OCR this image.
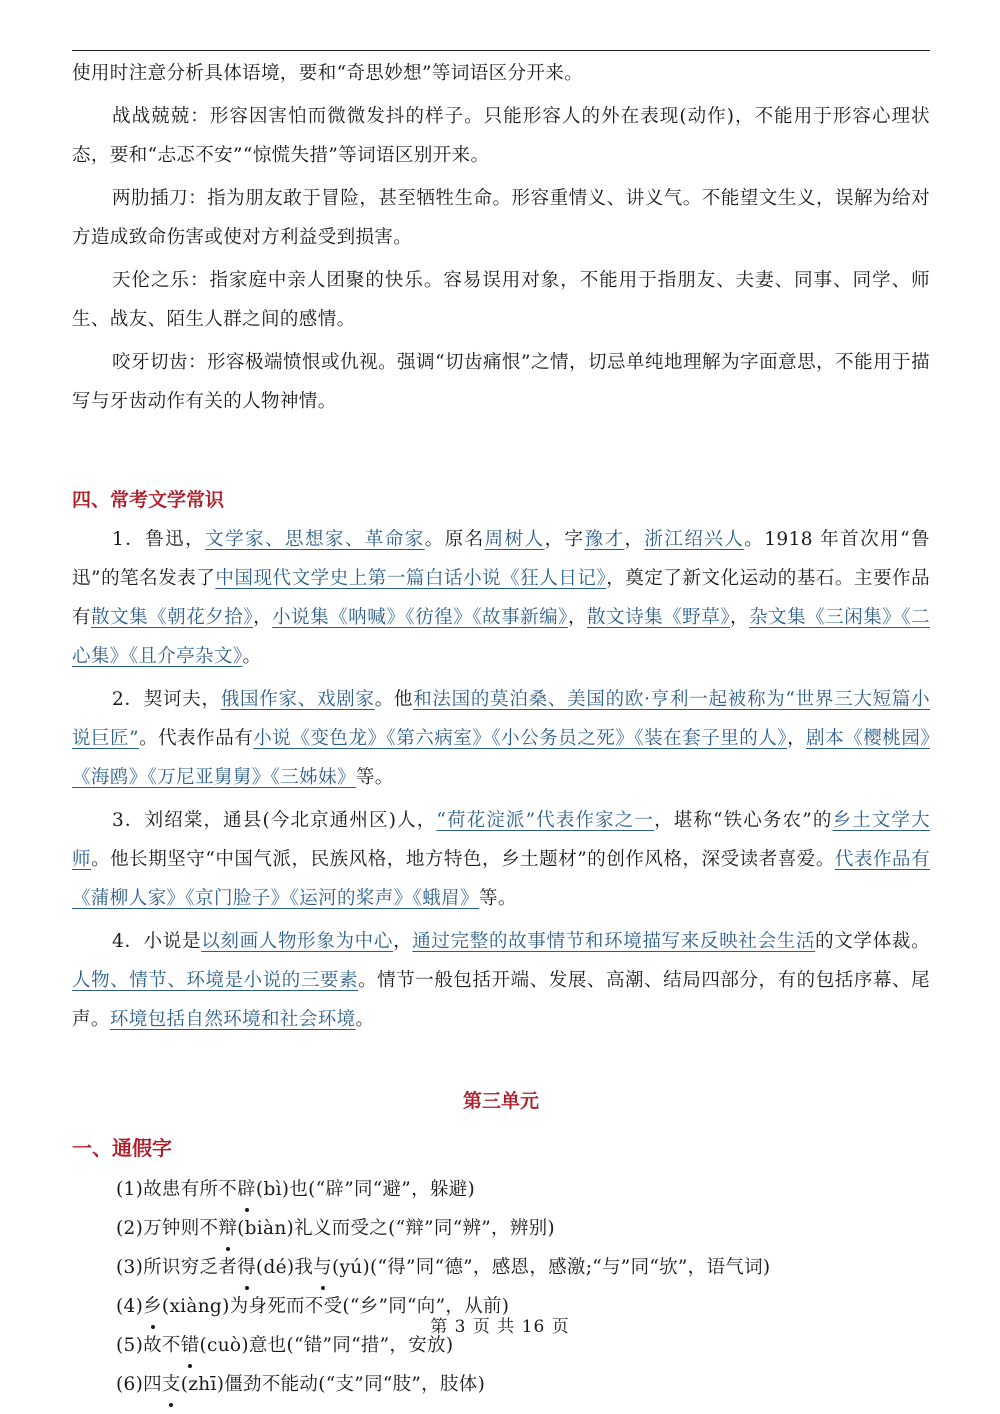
使用时注意分析具体语境，要和“奇思妙想”等词语区分开来。

战战兢兢：形容因害怕而微微发抖的样子。只能形容人的外在表现(动作)，不能用于形容心理状态，要和“忐忑不安”“惊慌失措”等词语区别开来。

两肋插刀：指为朋友敢于冒险，甚至牺牲生命。形容重情义、讲义气。不能望文生义，误解为给对方造成致命伤害或使对方利益受到损害。

天伦之乐：指家庭中亲人团聚的快乐。容易误用对象，不能用于指朋友、夫妻、同事、同学、师生、战友、陌生人群之间的感情。

咬牙切齿：形容极端愤恨或仇视。强调“切齿痛恨”之情，切忌单纯地理解为字面意思，不能用于描写与牙齿动作有关的人物神情。

四、常考文学常识

1．鲁迅，文学家、思想家、革命家。原名周树人，字豫才，浙江绍兴人。1918 年首次用“鲁迅”的笔名发表了中国现代文学史上第一篇白话小说《狂人日记》，奠定了新文化运动的基石。主要作品有散文集《朝花夕拾》，小说集《呐喊》《彷徨》《故事新编》，散文诗集《野草》，杂文集《三闲集》《二心集》《且介亭杂文》。

2．契诃夫，俄国作家、戏剧家。他和法国的莫泊桑、美国的欧·亨利一起被称为“世界三大短篇小说巨匠”。代表作品有小说《变色龙》《第六病室》《小公务员之死》《装在套子里的人》，剧本《樱桃园》《海鸥》《万尼亚舅舅》《三姊妹》等。

3．刘绍棠，通县(今北京通州区)人，“荷花淀派”代表作家之一，堪称“铁心务农”的乡土文学大师。他长期坚守“中国气派，民族风格，地方特色，乡土题材”的创作风格，深受读者喜爱。代表作品有《蒲柳人家》《京门脸子》《运河的桨声》《蛾眉》等。

4．小说是以刻画人物形象为中心，通过完整的故事情节和环境描写来反映社会生活的文学体裁。人物、情节、环境是小说的三要素。情节一般包括开端、发展、高潮、结局四部分，有的包括序幕、尾声。环境包括自然环境和社会环境。

第三单元
一、通假字
(1)故患有所不辟(bì)也(“辟”同“避”，躲避)
(2)万钟则不辩(biàn)礼义而受之(“辩”同“辨”，辨别)
(3)所识穷乏者得(dé)我与(yú)(“得”同“德”，感恩，感激;“与”同“欤”，语气词)
(4)乡(xiàng)为身死而不受(“乡”同“向”，从前)
(5)故不错(cuò)意也(“错”同“措”，安放)
(6)四支(zhī)僵劲不能动(“支”同“肢”，肢体)
第 3 页 共 16 页
